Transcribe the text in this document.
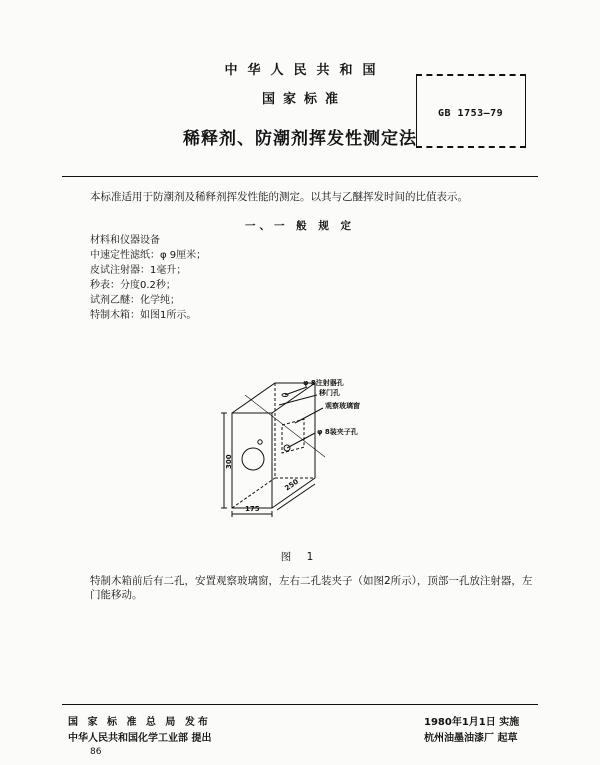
中华人民共和国
国家标准
稀释剂、防潮剂挥发性测定法
GB 1753—79
本标准适用于防潮剂及稀释剂挥发性能的测定。以其与乙醚挥发时间的比值表示。
一、一 般 规 定
材料和仪器设备
中速定性滤纸：φ 9厘米；
皮试注射器：1毫升；
秒表：分度0.2秒；
试剂乙醚：化学纯；
特制木箱：如图1所示。
φ 8注射器孔
移门孔
观察玻璃窗
φ 8装夹子孔
300
175
250
图 1
特制木箱前后有二孔，安置观察玻璃窗，左右二孔装夹子（如图2所示），顶部一孔放注射器，左门能移动。
国 家 标 准 总 局 发布
中华人民共和国化学工业部 提出
1980年1月1日 实施
杭州油墨油漆厂 起草
86
